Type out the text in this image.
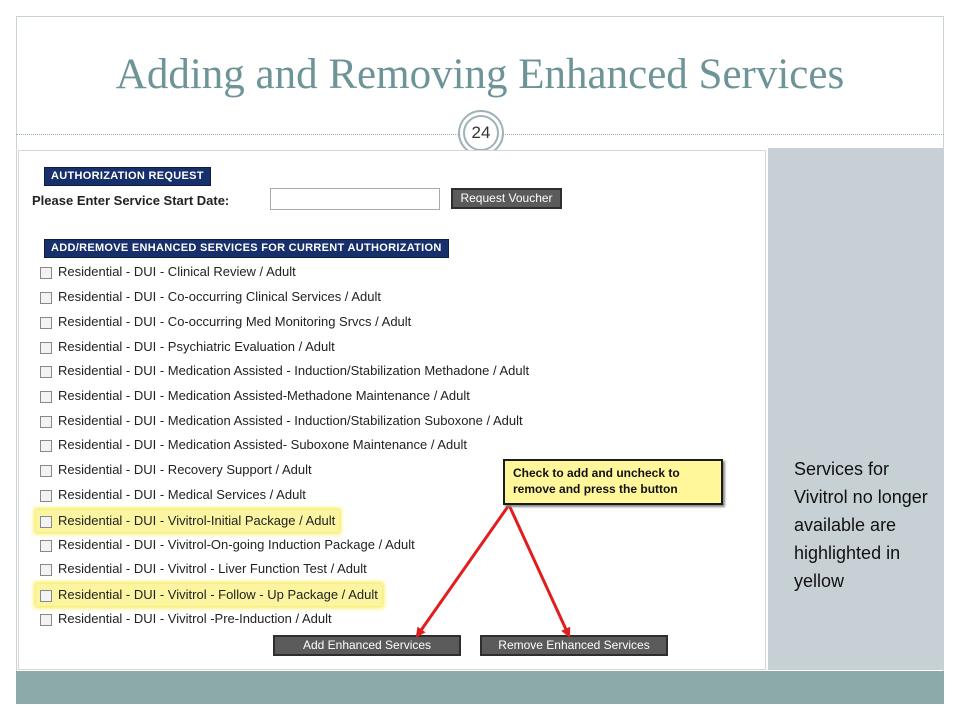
Adding and Removing Enhanced Services
24
AUTHORIZATION REQUEST
Please Enter Service Start Date:	Request Voucher
ADD/REMOVE ENHANCED SERVICES FOR CURRENT AUTHORIZATION
Residential - DUI - Clinical Review / Adult
Residential - DUI - Co-occurring Clinical Services / Adult
Residential - DUI - Co-occurring Med Monitoring Srvcs / Adult
Residential - DUI - Psychiatric Evaluation / Adult
Residential - DUI - Medication Assisted - Induction/Stabilization Methadone / Adult
Residential - DUI - Medication Assisted-Methadone Maintenance / Adult
Residential - DUI - Medication Assisted - Induction/Stabilization Suboxone / Adult
Residential - DUI - Medication Assisted- Suboxone Maintenance / Adult
Residential - DUI - Recovery Support / Adult
Residential - DUI - Medical Services / Adult
Residential - DUI - Vivitrol-Initial Package / Adult
Residential - DUI - Vivitrol-On-going Induction Package / Adult
Residential - DUI - Vivitrol - Liver Function Test / Adult
Residential - DUI - Vivitrol - Follow - Up Package / Adult
Residential - DUI - Vivitrol -Pre-Induction / Adult
Add Enhanced Services	Remove Enhanced Services
Check to add and uncheck to remove and press the button
Services for Vivitrol no longer available are highlighted in yellow
